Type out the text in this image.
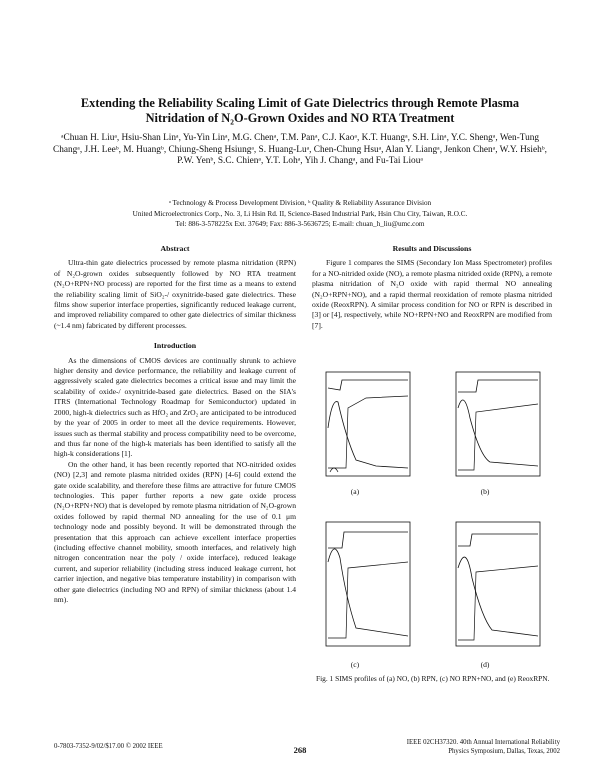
Extending the Reliability Scaling Limit of Gate Dielectrics through Remote Plasma
Nitridation of N₂O-Grown Oxides and NO RTA Treatment
ᵃChuan H. Liuᵃ, Hsiu-Shan Linᵃ, Yu-Yin Linᵃ, M.G. Chenᵃ, T.M. Panᵃ, C.J. Kaoᵃ, K.T. Huangᵃ, S.H. Linᵃ, Y.C. Shengᵃ, Wen-Tung Changᵃ, J.H. Leeᵇ, M. Huangᵇ, Chiung-Sheng Hsiungᵃ, S. Huang-Luᵃ, Chen-Chung Hsuᵃ, Alan Y. Liangᵃ, Jenkon Chenᵃ, W.Y. Hsiehᵇ, P.W. Yenᵇ, S.C. Chienᵃ, Y.T. Lohᵃ, Yih J. Changᵃ, and Fu-Tai Liouᵃ
ᵃ Technology & Process Development Division, ᵇ Quality & Reliability Assurance Division
United Microelectronics Corp., No. 3, Li Hsin Rd. II, Science-Based Industrial Park, Hsin Chu City, Taiwan, R.O.C.
Tel: 886-3-578225x Ext. 37649; Fax: 886-3-5636725; E-mail: chuan_h_liu@umc.com
Abstract

Ultra-thin gate dielectrics processed by remote plasma nitridation (RPN) of N₂O-grown oxides subsequently followed by NO RTA treatment (N₂O+RPN+NO process) are reported for the first time as a means to extend the reliability scaling limit of SiO₂-/ oxynitride-based gate dielectrics. These films show superior interface properties, significantly reduced leakage current, and improved reliability compared to other gate dielectrics of similar thickness (~1.4 nm) fabricated by different processes.

Introduction

As the dimensions of CMOS devices are continually shrunk to achieve higher density and device performance, the reliability and leakage current of aggressively scaled gate dielectrics becomes a critical issue and may limit the scalability of oxide-/ oxynitride-based gate dielectrics. Based on the SIA's ITRS (International Technology Roadmap for Semiconductor) updated in 2000, high-k dielectrics such as HfO₂ and ZrO₂ are anticipated to be introduced by the year of 2005 in order to meet all the device requirements. However, issues such as thermal stability and process compatibility need to be overcome, and thus far none of the high-k materials has been identified to satisfy all the high-k considerations [1].

On the other hand, it has been recently reported that NO-nitrided oxides (NO) [2,3] and remote plasma nitrided oxides (RPN) [4-6] could extend the gate oxide scalability, and therefore these films are attractive for future CMOS technologies. This paper further reports a new gate oxide process (N₂O+RPN+NO) that is developed by remote plasma nitridation of N₂O-grown oxides followed by rapid thermal NO annealing for the use of 0.1 μm technology node and possibly beyond. It will be demonstrated through the presentation that this approach can achieve excellent interface properties (including effective channel mobility, smooth interfaces, and relatively high nitrogen concentration near the poly / oxide interface), reduced leakage current, and superior reliability (including stress induced leakage current, hot carrier injection, and negative bias temperature instability) in comparison with other gate dielectrics (including NO and RPN) of similar thickness (about 1.4 nm).

Results and Discussions

Figure 1 compares the SIMS (Secondary Ion Mass Spectrometer) profiles for a NO-nitrided oxide (NO), a remote plasma nitrided oxide (RPN), a remote plasma nitridation of N₂O oxide with rapid thermal NO annealing (N₂O+RPN+NO), and a rapid thermal reoxidation of remote plasma nitrided oxide (ReoxRPN). A similar process condition for NO or RPN is described in [3] or [4], respectively, while NO+RPN+NO and ReoxRPN are modified from [7].

(a)	(b)
(c)	(d)
Fig. 1 SIMS profiles of (a) NO, (b) RPN, (c) NO RPN+NO, and (e) ReoxRPN.
0-7803-7352-9/02/$17.00 © 2002 IEEE	268
IEEE 02CH37320. 40th Annual International Reliability
Physics Symposium, Dallas, Texas, 2002
